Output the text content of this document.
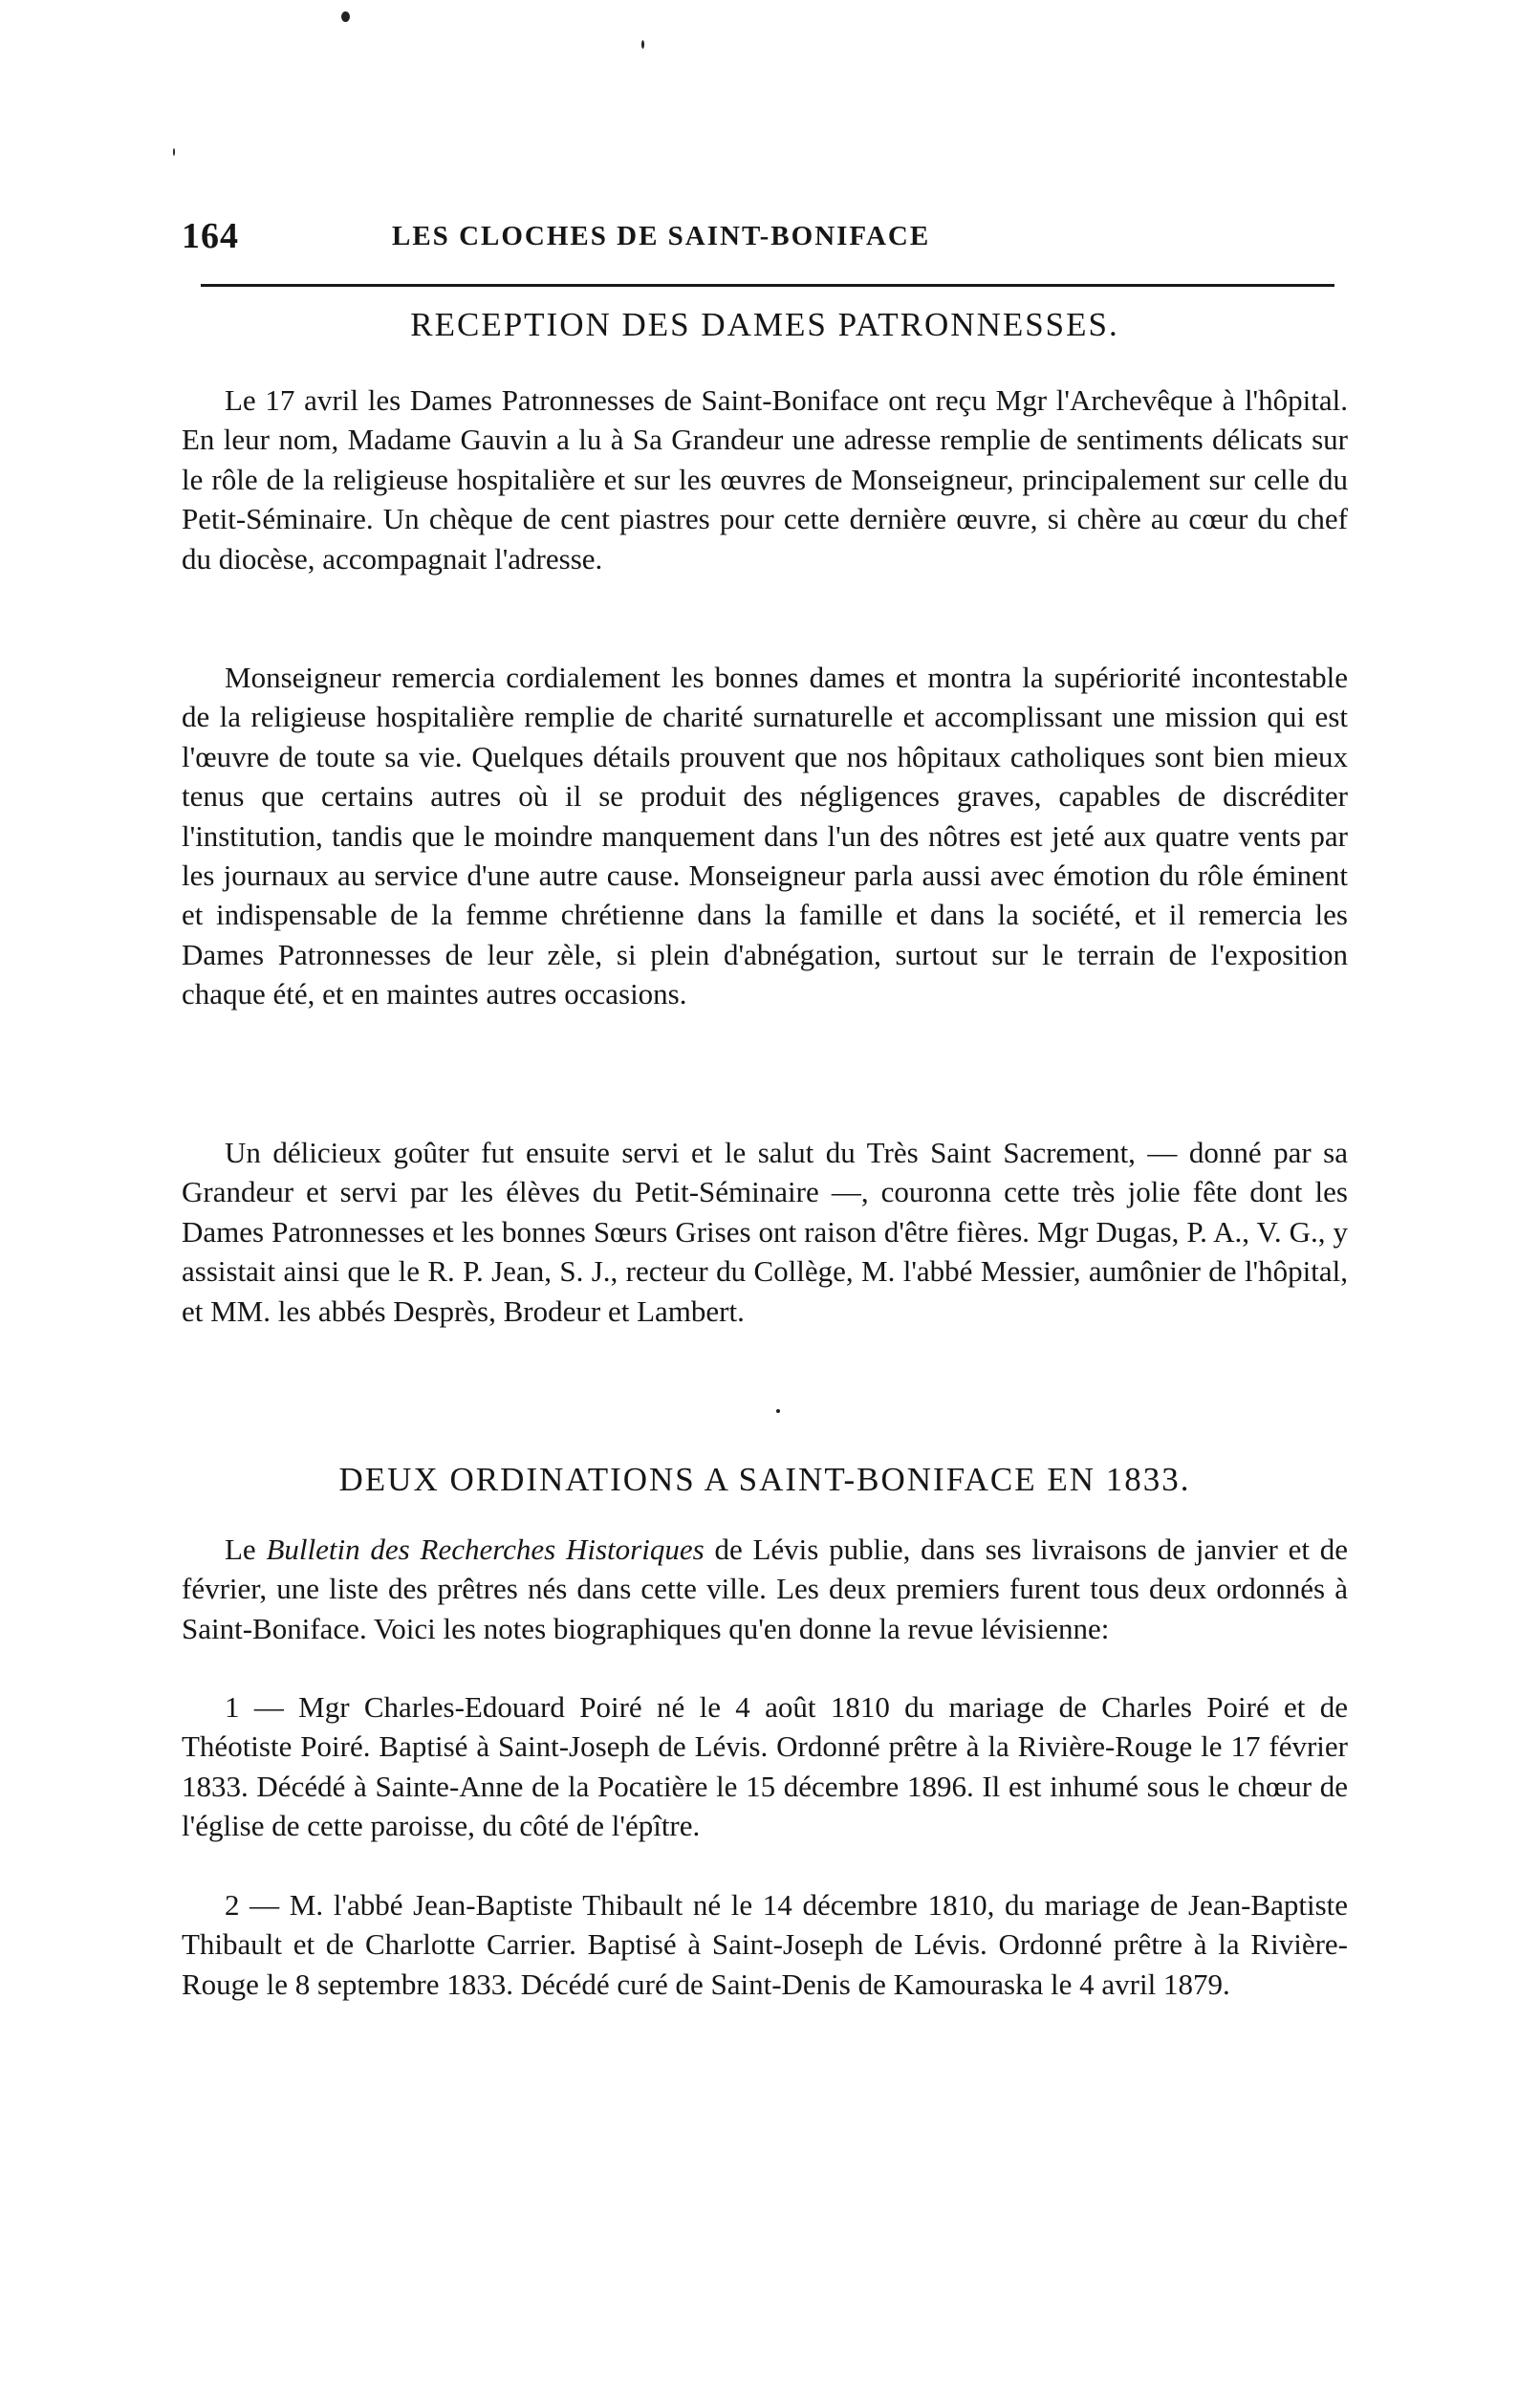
164	LES CLOCHES DE SAINT-BONIFACE
RECEPTION DES DAMES PATRONNESSES.

Le 17 avril les Dames Patronnesses de Saint-Boniface ont reçu Mgr l'Archevêque à l'hôpital. En leur nom, Madame Gauvin a lu à Sa Grandeur une adresse remplie de sentiments délicats sur le rôle de la religieuse hospitalière et sur les œuvres de Monseigneur, principalement sur celle du Petit-Séminaire. Un chèque de cent piastres pour cette dernière œuvre, si chère au cœur du chef du diocèse, accompagnait l'adresse.

Monseigneur remercia cordialement les bonnes dames et montra la supériorité incontestable de la religieuse hospitalière remplie de charité surnaturelle et accomplissant une mission qui est l'œuvre de toute sa vie. Quelques détails prouvent que nos hôpitaux catholiques sont bien mieux tenus que certains autres où il se produit des négligences graves, capables de discréditer l'institution, tandis que le moindre manquement dans l'un des nôtres est jeté aux quatre vents par les journaux au service d'une autre cause. Monseigneur parla aussi avec émotion du rôle éminent et indispensable de la femme chrétienne dans la famille et dans la société, et il remercia les Dames Patronnesses de leur zèle, si plein d'abnégation, surtout sur le terrain de l'exposition chaque été, et en maintes autres occasions.

Un délicieux goûter fut ensuite servi et le salut du Très Saint Sacrement, — donné par sa Grandeur et servi par les élèves du Petit-Séminaire —, couronna cette très jolie fête dont les Dames Patronnesses et les bonnes Sœurs Grises ont raison d'être fières. Mgr Dugas, P. A., V. G., y assistait ainsi que le R. P. Jean, S. J., recteur du Collège, M. l'abbé Messier, aumônier de l'hôpital, et MM. les abbés Desprès, Brodeur et Lambert.

DEUX ORDINATIONS A SAINT-BONIFACE EN 1833.

Le Bulletin des Recherches Historiques de Lévis publie, dans ses livraisons de janvier et de février, une liste des prêtres nés dans cette ville. Les deux premiers furent tous deux ordonnés à Saint-Boniface. Voici les notes biographiques qu'en donne la revue lévisienne:

1 — Mgr Charles-Edouard Poiré né le 4 août 1810 du mariage de Charles Poiré et de Théotiste Poiré. Baptisé à Saint-Joseph de Lévis. Ordonné prêtre à la Rivière-Rouge le 17 février 1833. Décédé à Sainte-Anne de la Pocatière le 15 décembre 1896. Il est inhumé sous le chœur de l'église de cette paroisse, du côté de l'épître.

2 — M. l'abbé Jean-Baptiste Thibault né le 14 décembre 1810, du mariage de Jean-Baptiste Thibault et de Charlotte Carrier. Baptisé à Saint-Joseph de Lévis. Ordonné prêtre à la Rivière-Rouge le 8 septembre 1833. Décédé curé de Saint-Denis de Kamouraska le 4 avril 1879.
